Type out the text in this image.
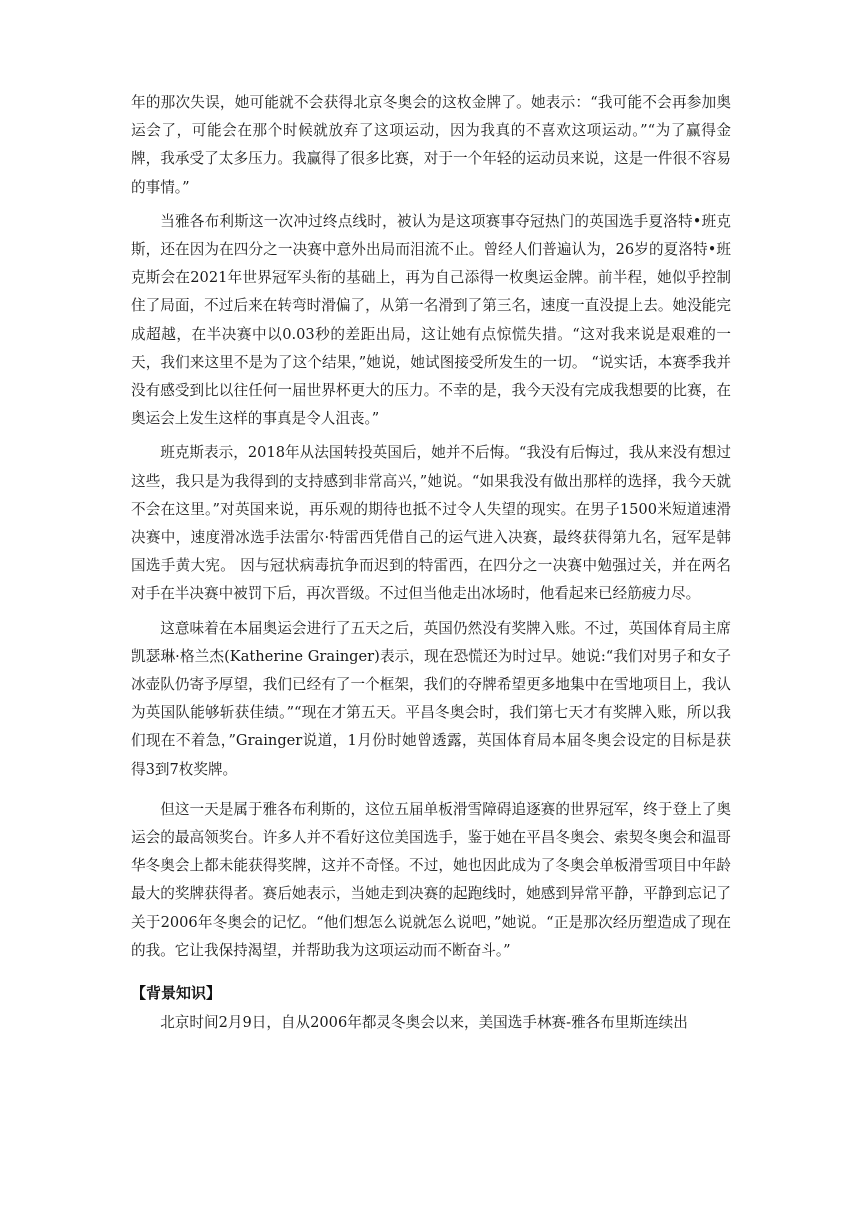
年的那次失误，她可能就不会获得北京冬奥会的这枚金牌了。她表示：“我可能不会再参加奥运会了，可能会在那个时候就放弃了这项运动，因为我真的不喜欢这项运动。”“为了赢得金牌，我承受了太多压力。我赢得了很多比赛，对于一个年轻的运动员来说，这是一件很不容易的事情。”

当雅各布利斯这一次冲过终点线时，被认为是这项赛事夺冠热门的英国选手夏洛特•班克斯，还在因为在四分之一决赛中意外出局而泪流不止。曾经人们普遍认为，26岁的夏洛特•班克斯会在2021年世界冠军头衔的基础上，再为自己添得一枚奥运金牌。前半程，她似乎控制住了局面，不过后来在转弯时滑偏了，从第一名滑到了第三名，速度一直没提上去。她没能完成超越，在半决赛中以0.03秒的差距出局，这让她有点惊慌失措。“这对我来说是艰难的一天，我们来这里不是为了这个结果，”她说，她试图接受所发生的一切。 “说实话，本赛季我并没有感受到比以往任何一届世界杯更大的压力。不幸的是，我今天没有完成我想要的比赛，在奥运会上发生这样的事真是令人沮丧。”

班克斯表示，2018年从法国转投英国后，她并不后悔。“我没有后悔过，我从来没有想过这些，我只是为我得到的支持感到非常高兴，”她说。“如果我没有做出那样的选择，我今天就不会在这里。”对英国来说，再乐观的期待也抵不过令人失望的现实。在男子1500米短道速滑决赛中，速度滑冰选手法雷尔·特雷西凭借自己的运气进入决赛，最终获得第九名，冠军是韩国选手黄大宪。 因与冠状病毒抗争而迟到的特雷西，在四分之一决赛中勉强过关，并在两名对手在半决赛中被罚下后，再次晋级。不过但当他走出冰场时，他看起来已经筋疲力尽。

这意味着在本届奥运会进行了五天之后，英国仍然没有奖牌入账。不过，英国体育局主席凯瑟琳·格兰杰(Katherine Grainger)表示，现在恐慌还为时过早。她说:“我们对男子和女子冰壶队仍寄予厚望，我们已经有了一个框架，我们的夺牌希望更多地集中在雪地项目上，我认为英国队能够斩获佳绩。”“现在才第五天。平昌冬奥会时，我们第七天才有奖牌入账，所以我们现在不着急，”Grainger说道，1月份时她曾透露，英国体育局本届冬奥会设定的目标是获得3到7枚奖牌。

但这一天是属于雅各布利斯的，这位五届单板滑雪障碍追逐赛的世界冠军，终于登上了奥运会的最高领奖台。许多人并不看好这位美国选手，鉴于她在平昌冬奥会、索契冬奥会和温哥华冬奥会上都未能获得奖牌，这并不奇怪。不过，她也因此成为了冬奥会单板滑雪项目中年龄最大的奖牌获得者。赛后她表示，当她走到决赛的起跑线时，她感到异常平静，平静到忘记了关于2006年冬奥会的记忆。“他们想怎么说就怎么说吧，”她说。“正是那次经历塑造成了现在的我。它让我保持渴望，并帮助我为这项运动而不断奋斗。”

【背景知识】

北京时间2月9日，自从2006年都灵冬奥会以来，美国选手林赛-雅各布里斯连续出
